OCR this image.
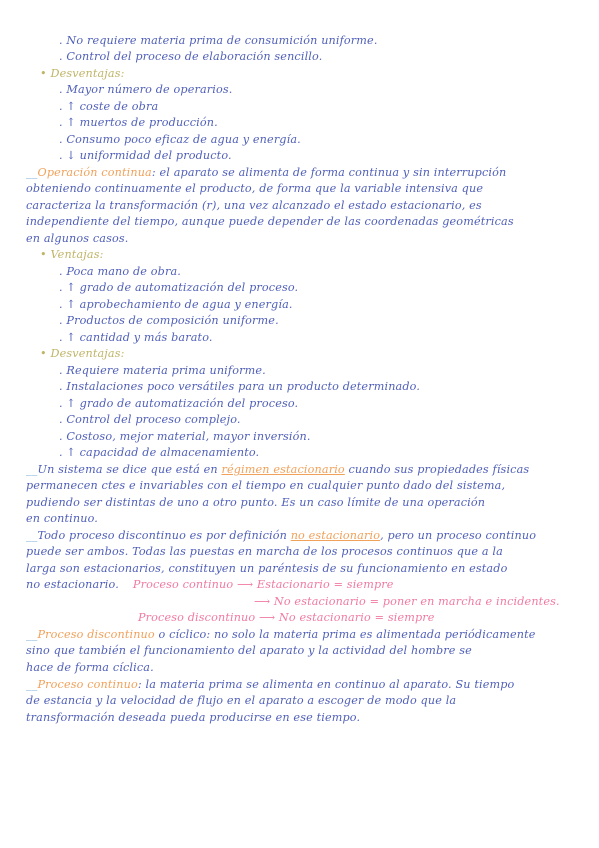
. No requiere materia prima de consumición uniforme.
. Control del proceso de elaboración sencillo.
• Desventajas:
. Mayor número de operarios.
. ↑ coste de obra
. ↑ muertos de producción.
. Consumo poco eficaz de agua y energía.
. ↓ uniformidad del producto.
__Operación continua: el aparato se alimenta de forma continua y sin interrupción
obteniendo continuamente el producto, de forma que la variable intensiva que
caracteriza la transformación (r), una vez alcanzado el estado estacionario, es
independiente del tiempo, aunque puede depender de las coordenadas geométricas
en algunos casos.
• Ventajas:
. Poca mano de obra.
. ↑ grado de automatización del proceso.
. ↑ aprobechamiento de agua y energía.
. Productos de composición uniforme.
. ↑ cantidad y más barato.
• Desventajas:
. Requiere materia prima uniforme.
. Instalaciones poco versátiles para un producto determinado.
. ↑ grado de automatización del proceso.
. Control del proceso complejo.
. Costoso, mejor material, mayor inversión.
. ↑ capacidad de almacenamiento.
__Un sistema se dice que está en régimen estacionario cuando sus propiedades físicas
permanecen ctes e invariables con el tiempo en cualquier punto dado del sistema,
pudiendo ser distintas de uno a otro punto. Es un caso límite de una operación
en continuo.
__Todo proceso discontinuo es por definición no estacionario, pero un proceso continuo
puede ser ambos. Todas las puestas en marcha de los procesos continuos que a la
larga son estacionarios, constituyen un paréntesis de su funcionamiento en estado
no estacionario. Proceso continuo ⟶ Estacionario = siempre
⟶ No estacionario = poner en marcha e incidentes.
Proceso discontinuo ⟶ No estacionario = siempre
__Proceso discontinuo o cíclico: no solo la materia prima es alimentada periódicamente
sino que también el funcionamiento del aparato y la actividad del hombre se
hace de forma cíclica.
__Proceso continuo: la materia prima se alimenta en continuo al aparato. Su tiempo
de estancia y la velocidad de flujo en el aparato a escoger de modo que la
transformación deseada pueda producirse en ese tiempo.
